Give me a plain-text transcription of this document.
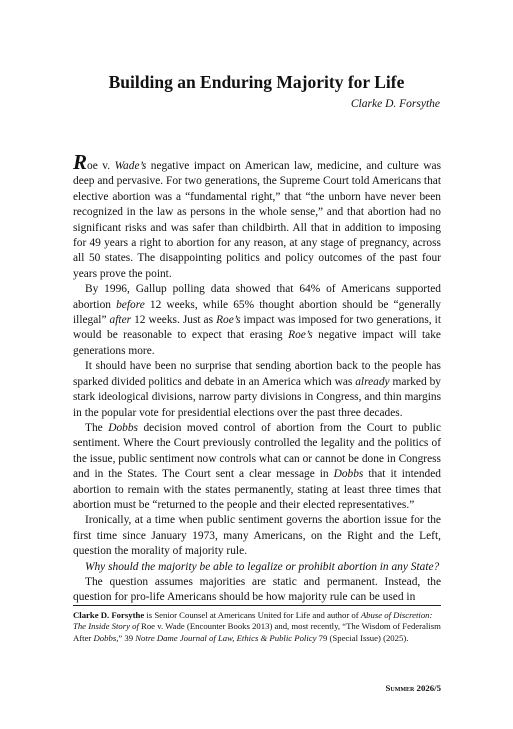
Building an Enduring Majority for Life

Clarke D. Forsythe

Roe v. Wade’s negative impact on American law, medicine, and culture was deep and pervasive. For two generations, the Supreme Court told Americans that elective abortion was a “fundamental right,” that “the unborn have never been recognized in the law as persons in the whole sense,” and that abortion had no significant risks and was safer than childbirth. All that in addition to imposing for 49 years a right to abortion for any reason, at any stage of pregnancy, across all 50 states. The disappointing politics and policy outcomes of the past four years prove the point.

By 1996, Gallup polling data showed that 64% of Americans supported abortion before 12 weeks, while 65% thought abortion should be “generally illegal” after 12 weeks. Just as Roe’s impact was imposed for two generations, it would be reasonable to expect that erasing Roe’s negative impact will take generations more.

It should have been no surprise that sending abortion back to the people has sparked divided politics and debate in an America which was already marked by stark ideological divisions, narrow party divisions in Congress, and thin margins in the popular vote for presidential elections over the past three decades.

The Dobbs decision moved control of abortion from the Court to public sentiment. Where the Court previously controlled the legality and the politics of the issue, public sentiment now controls what can or cannot be done in Congress and in the States. The Court sent a clear message in Dobbs that it intended abortion to remain with the states permanently, stating at least three times that abortion must be “returned to the people and their elected representatives.”

Ironically, at a time when public sentiment governs the abortion issue for the first time since January 1973, many Americans, on the Right and the Left, question the morality of majority rule.

Why should the majority be able to legalize or prohibit abortion in any State?

The question assumes majorities are static and permanent. Instead, the question for pro-life Americans should be how majority rule can be used in

Clarke D. Forsythe is Senior Counsel at Americans United for Life and author of Abuse of Discretion: The Inside Story of Roe v. Wade (Encounter Books 2013) and, most recently, “The Wisdom of Federalism After Dobbs,” 39 Notre Dame Journal of Law, Ethics & Public Policy 79 (Special Issue) (2025).

Summer 2026/5
